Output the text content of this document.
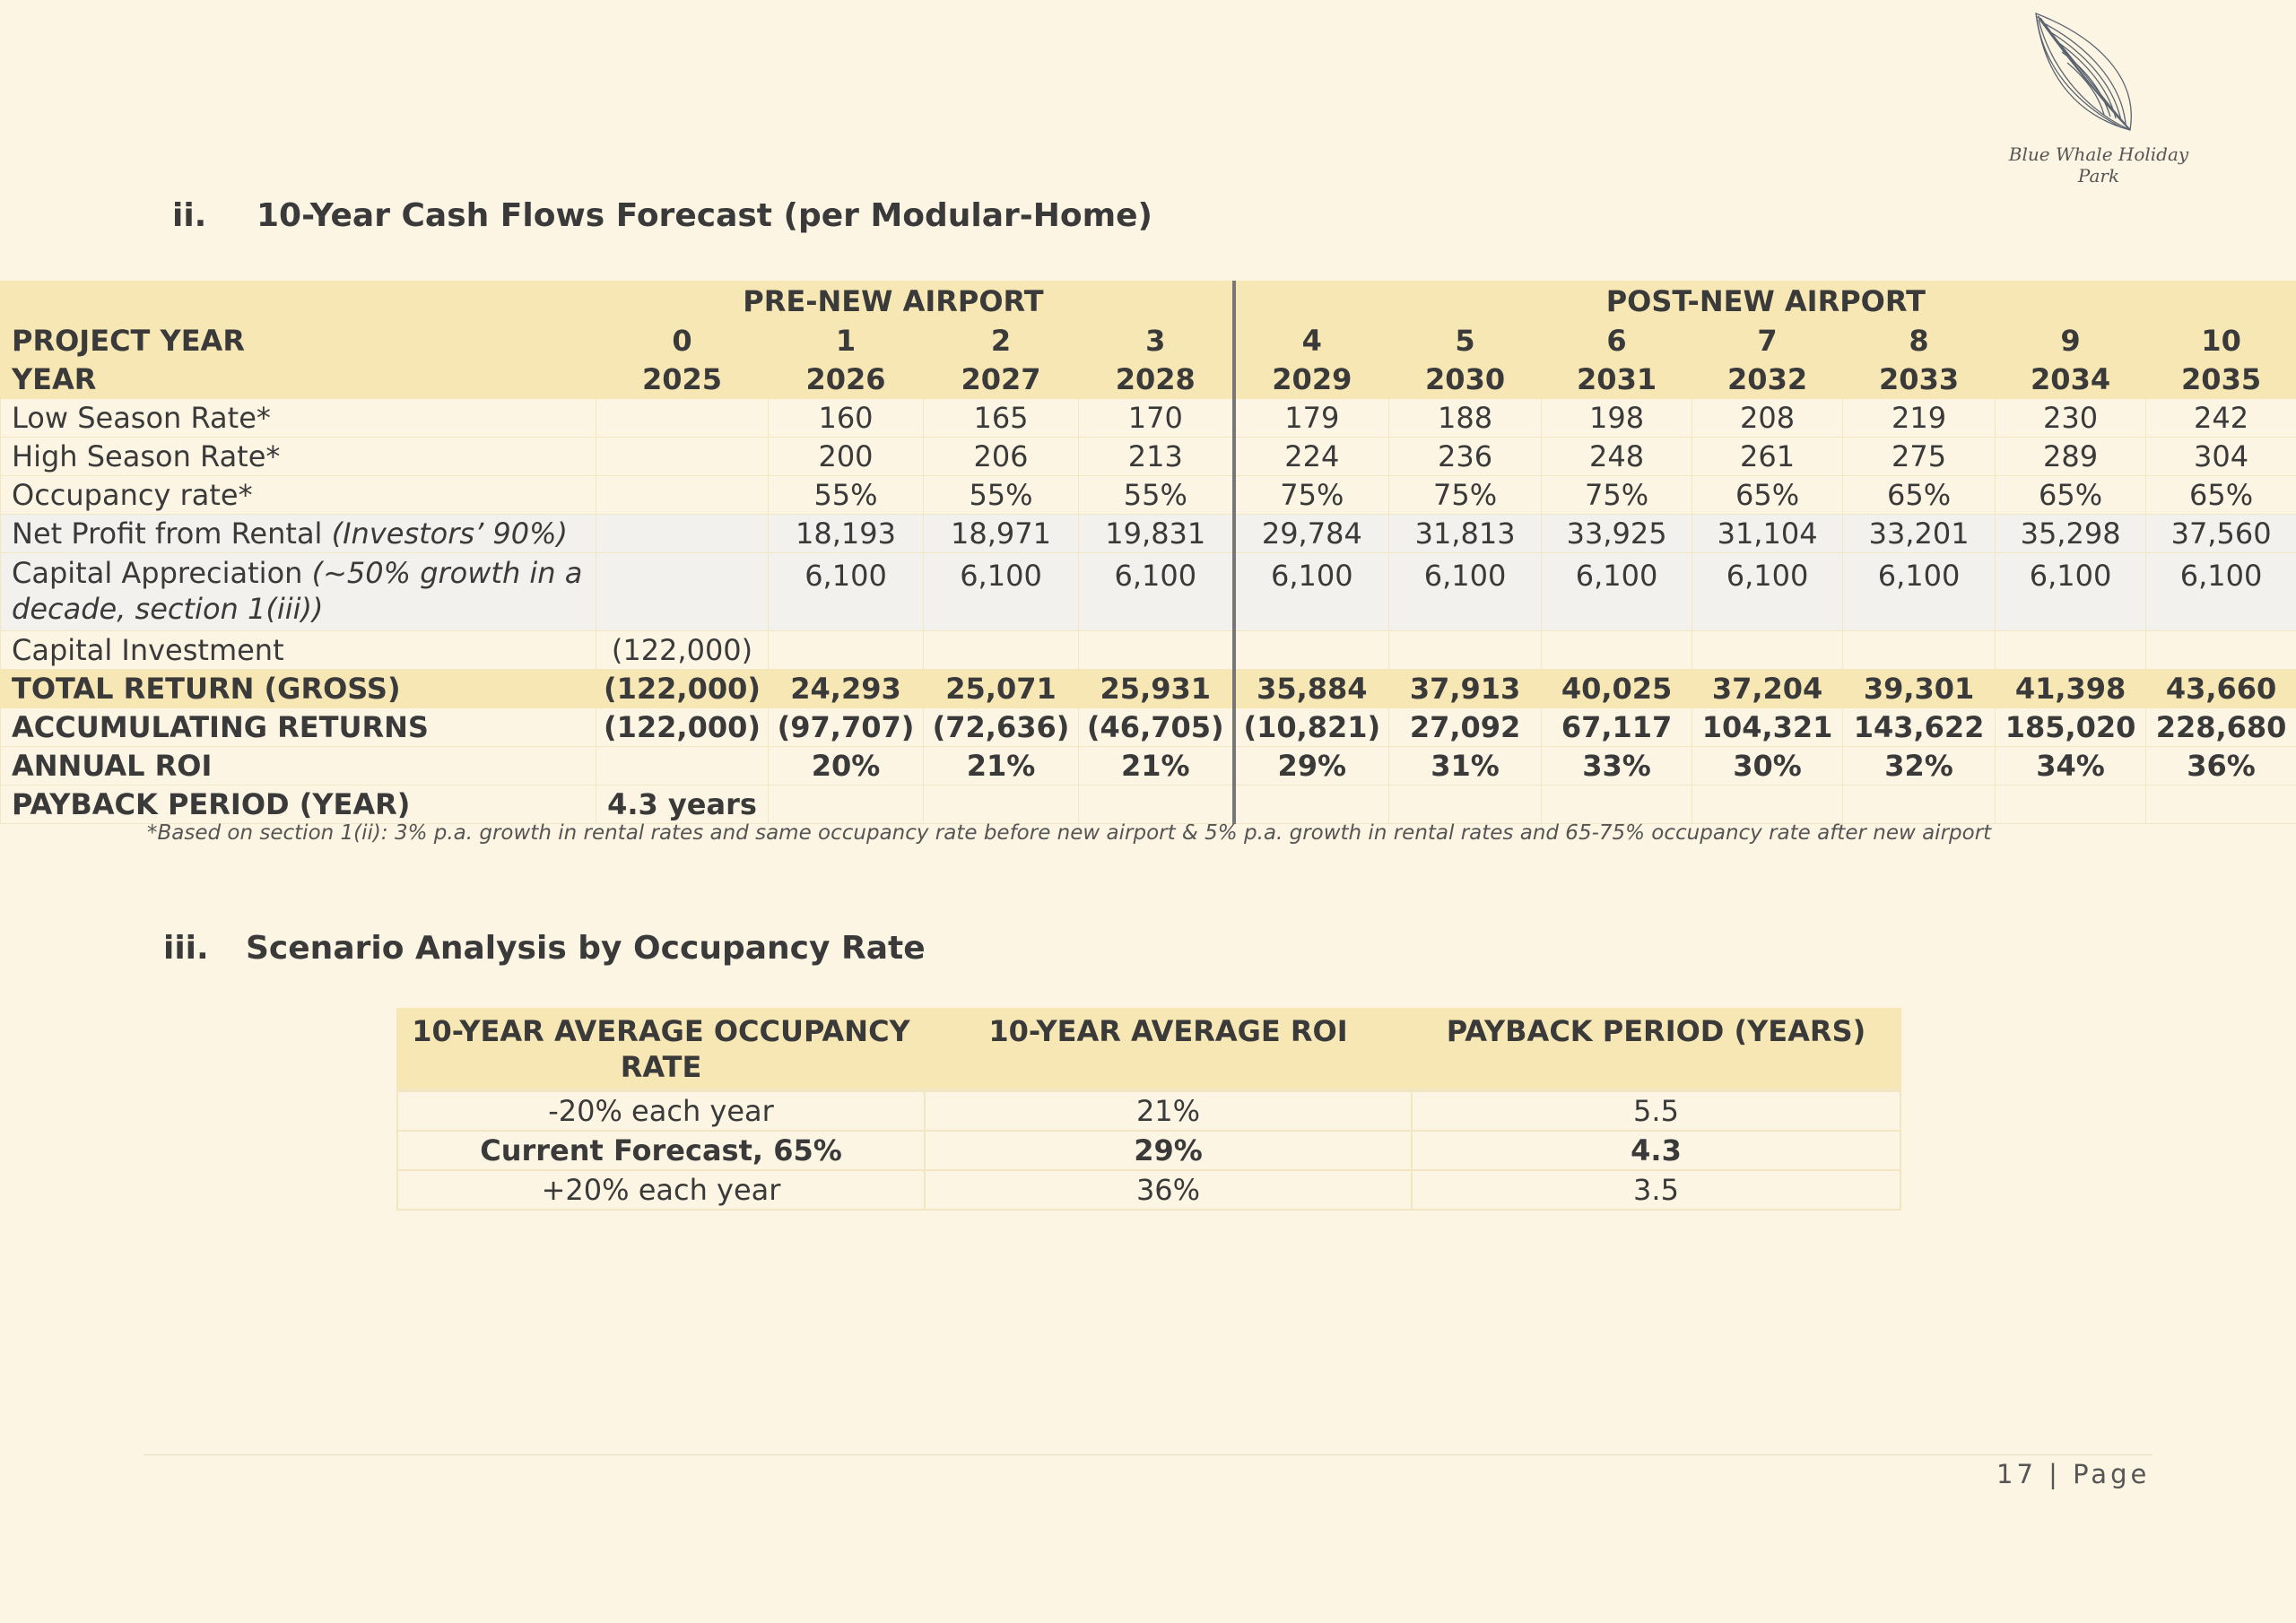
Blue Whale Holiday Park
ii. 10-Year Cash Flows Forecast (per Modular-Home)
PRE-NEW AIRPORT					POST-NEW AIRPORT						
PROJECT YEAR	0	1	2	3	4	5	6	7	8	9	10
YEAR	2025	2026	2027	2028	2029	2030	2031	2032	2033	2034	2035
Low Season Rate*		160	165	170	179	188	198	208	219	230	242
High Season Rate*		200	206	213	224	236	248	261	275	289	304
Occupancy rate*		55%	55%	55%	75%	75%	75%	65%	65%	65%	65%
Net Profit from Rental (Investors’ 90%)		18,193	18,971	19,831	29,784	31,813	33,925	31,104	33,201	35,298	37,560
Capital Appreciation (~50% growth in a decade, section 1(iii))		6,100	6,100	6,100	6,100	6,100	6,100	6,100	6,100	6,100	6,100
Capital Investment	(122,000)										
TOTAL RETURN (GROSS)	(122,000)	24,293	25,071	25,931	35,884	37,913	40,025	37,204	39,301	41,398	43,660
ACCUMULATING RETURNS	(122,000)	(97,707)	(72,636)	(46,705)	(10,821)	27,092	67,117	104,321	143,622	185,020	228,680
ANNUAL ROI		20%	21%	21%	29%	31%	33%	30%	32%	34%	36%
PAYBACK PERIOD (YEAR)	4.3 years										
*Based on section 1(ii): 3% p.a. growth in rental rates and same occupancy rate before new airport & 5% p.a. growth in rental rates and 65-75% occupancy rate after new airport
iii. Scenario Analysis by Occupancy Rate
10-YEAR AVERAGE OCCUPANCY RATE	10-YEAR AVERAGE ROI	PAYBACK PERIOD (YEARS)
-20% each year	21%	5.5
Current Forecast, 65%	29%	4.3
+20% each year	36%	3.5
17 | Page
